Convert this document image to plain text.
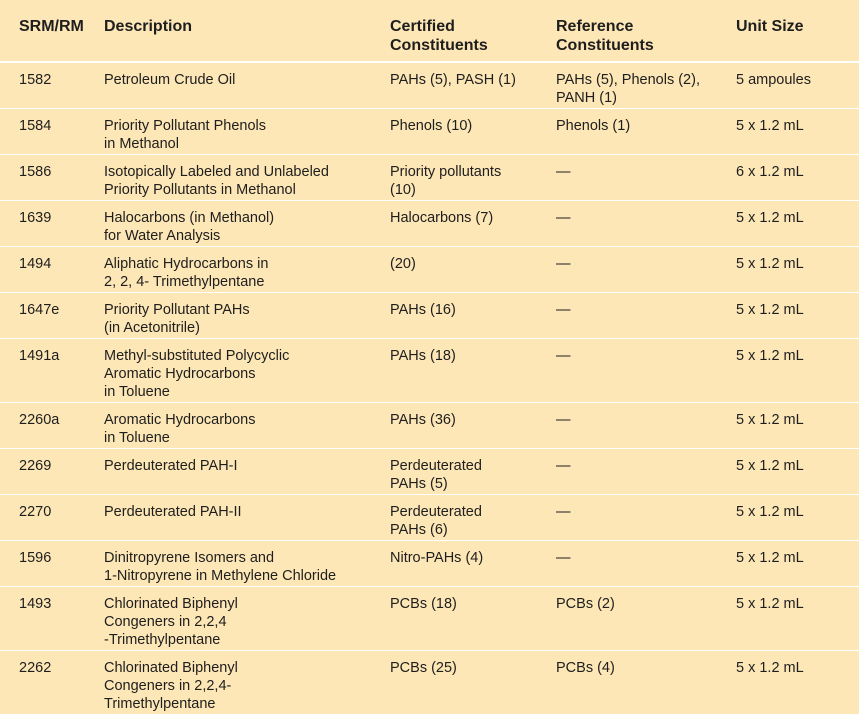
SRM/RM	Description	Certified
Constituents	Reference
Constituents	Unit Size
1582	Petroleum Crude Oil	PAHs (5), PASH (1)	PAHs (5), Phenols (2),
PANH (1)	5 ampoules
1584	Priority Pollutant Phenols
in Methanol	Phenols (10)	Phenols (1)	5 x 1.2 mL
1586	Isotopically Labeled and Unlabeled
Priority Pollutants in Methanol	Priority pollutants
(10)	—	6 x 1.2 mL
1639	Halocarbons (in Methanol)
for Water Analysis	Halocarbons (7)	—	5 x 1.2 mL
1494	Aliphatic Hydrocarbons in
2, 2, 4- Trimethylpentane	(20)	—	5 x 1.2 mL
1647e	Priority Pollutant PAHs
(in Acetonitrile)	PAHs (16)	—	5 x 1.2 mL
1491a	Methyl-substituted Polycyclic
Aromatic Hydrocarbons
in Toluene	PAHs (18)	—	5 x 1.2 mL
2260a	Aromatic Hydrocarbons
in Toluene	PAHs (36)	—	5 x 1.2 mL
2269	Perdeuterated PAH-I	Perdeuterated
PAHs (5)	—	5 x 1.2 mL
2270	Perdeuterated PAH-II	Perdeuterated
PAHs (6)	—	5 x 1.2 mL
1596	Dinitropyrene Isomers and
1-Nitropyrene in Methylene Chloride	Nitro-PAHs (4)	—	5 x 1.2 mL
1493	Chlorinated Biphenyl
Congeners in 2,2,4
-Trimethylpentane	PCBs (18)	PCBs (2)	5 x 1.2 mL
2262	Chlorinated Biphenyl
Congeners in 2,2,4-
Trimethylpentane	PCBs (25)	PCBs (4)	5 x 1.2 mL
